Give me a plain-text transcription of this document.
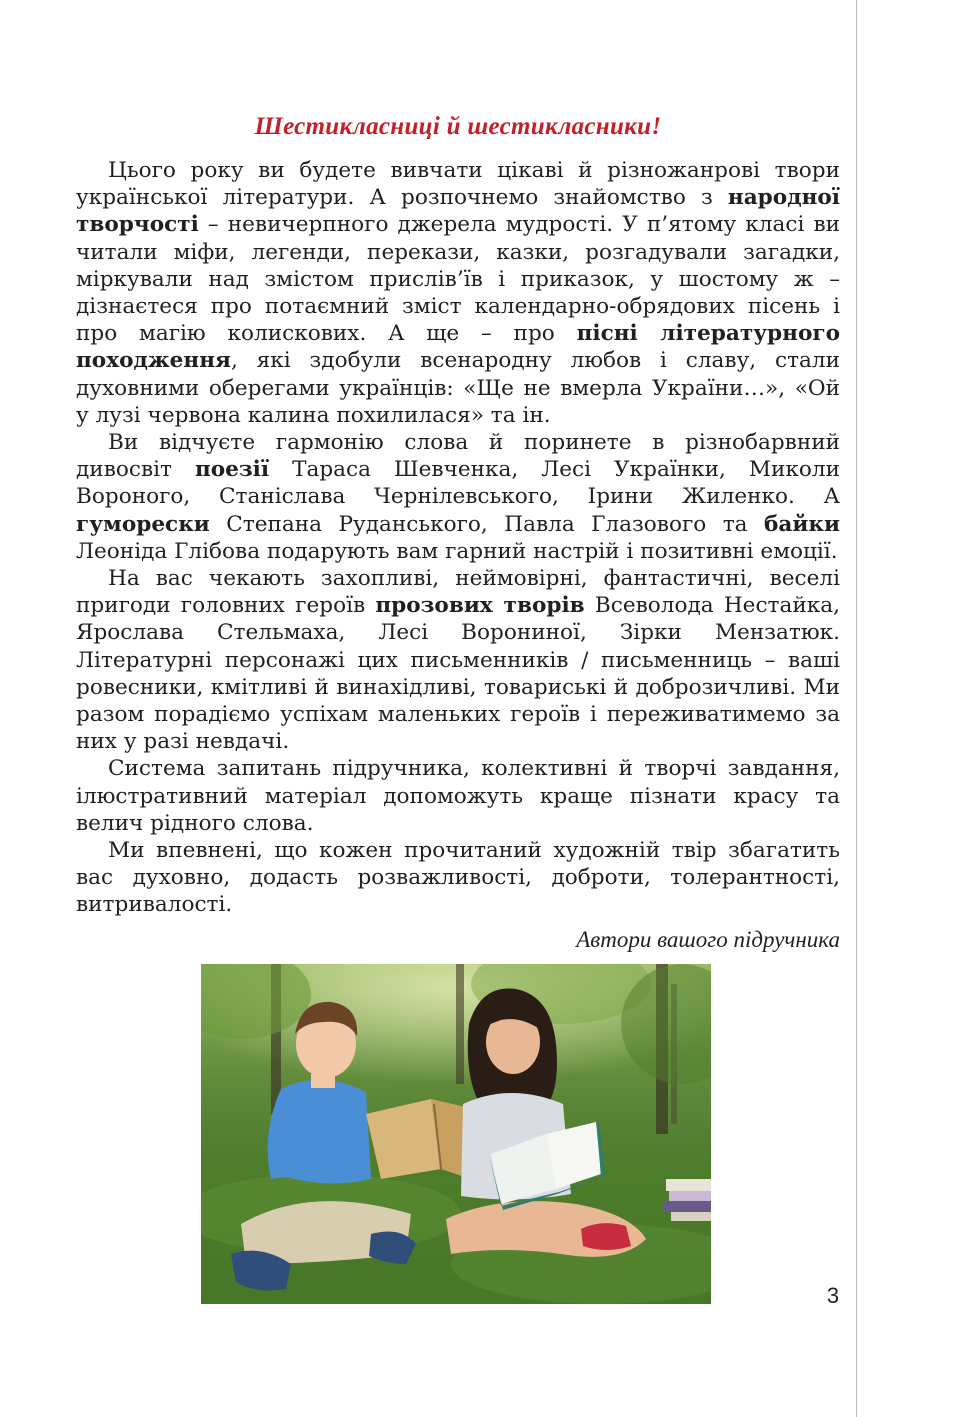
Шестикласниці й шестикласники!

Цього року ви будете вивчати цікаві й різножанрові твори української літератури. А розпочнемо знайомство з народної творчості – невичерпного джерела мудрості. У п’ятому класі ви читали міфи, легенди, перекази, казки, розгадували загадки, міркували над змістом прислів’їв і приказок, у шостому ж – дізнаєтеся про потаємний зміст календарно-обрядових пісень і про магію колискових. А ще – про пісні літературного походження, які здобули всенародну любов і славу, стали духовними оберегами українців: «Ще не вмерла України…», «Ой у лузі червона калина похилилася» та ін.

Ви відчуєте гармонію слова й поринете в різнобарвний дивосвіт поезії Тараса Шевченка, Лесі Українки, Миколи Вороного, Станіслава Чернілевського, Ірини Жиленко. А гуморески Степана Руданського, Павла Глазового та байки Леоніда Глібова подарують вам гарний настрій і позитивні емоції.

На вас чекають захопливі, неймовірні, фантастичні, веселі пригоди головних героїв прозових творів Всеволода Нестайка, Ярослава Стельмаха, Лесі Ворониної, Зірки Мензатюк. Літературні персонажі цих письменників / письменниць – ваші ровесники, кмітливі й винахідливі, товариські й доброзичливі. Ми разом порадіємо успіхам маленьких героїв і переживатимемо за них у разі невдачі.

Система запитань підручника, колективні й творчі завдання, ілюстративний матеріал допоможуть краще пізнати красу та велич рідного слова.

Ми впевнені, що кожен прочитаний художній твір збагатить вас духовно, додасть розважливості, доброти, толерантності, витривалості.

Автори вашого підручника
3
